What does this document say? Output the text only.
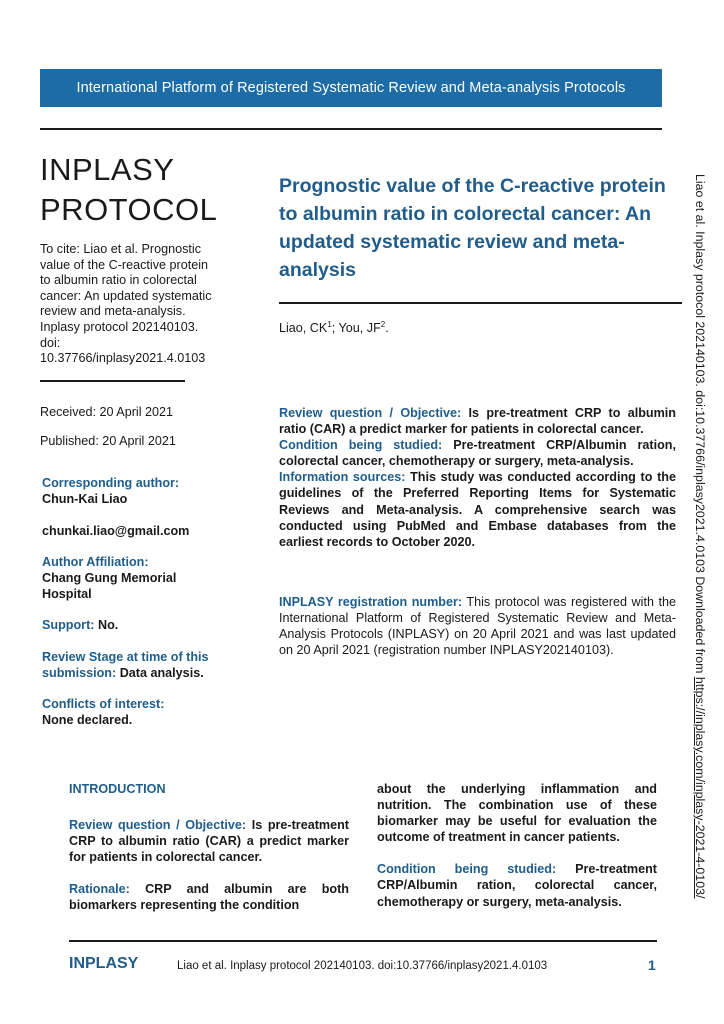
International Platform of Registered Systematic Review and Meta-analysis Protocols
INPLASY
PROTOCOL
To cite: Liao et al. Prognostic
value of the C-reactive protein
to albumin ratio in colorectal
cancer: An updated systematic
review and meta-analysis.
Inplasy protocol 202140103.
doi:
10.37766/inplasy2021.4.0103
Received: 20 April 2021
Published: 20 April 2021
Corresponding author:
Chun-Kai Liao
chunkai.liao@gmail.com
Author Affiliation:
Chang Gung Memorial
Hospital
Support: No.
Review Stage at time of this
submission: Data analysis.
Conflicts of interest:
None declared.
Prognostic value of the C-reactive protein to albumin ratio in colorectal cancer: An updated systematic review and meta-analysis
Liao, $CK^1$; You, $JF^2$.
Review question / Objective: Is pre-treatment CRP to albumin ratio (CAR) a predict marker for patients in colorectal cancer.
Condition being studied: Pre-treatment CRP/Albumin ration, colorectal cancer, chemotherapy or surgery, meta-analysis.
Information sources: This study was conducted according to the guidelines of the Preferred Reporting Items for Systematic Reviews and Meta-analysis. A comprehensive search was conducted using PubMed and Embase databases from the earliest records to October 2020.
INPLASY registration number: This protocol was registered with the International Platform of Registered Systematic Review and Meta-Analysis Protocols (INPLASY) on 20 April 2021 and was last updated on 20 April 2021 (registration number INPLASY202140103).
INTRODUCTION

Review question / Objective: Is pre-treatment CRP to albumin ratio (CAR) a predict marker for patients in colorectal cancer.

Rationale: CRP and albumin are both biomarkers representing the condition

about the underlying inflammation and nutrition. The combination use of these biomarker may be useful for evaluation the outcome of treatment in cancer patients.

Condition being studied: Pre-treatment CRP/Albumin ration, colorectal cancer, chemotherapy or surgery, meta-analysis.

Liao et al. Inplasy protocol 202140103. doi:10.37766/inplasy2021.4.0103 Downloaded from https://inplasy.com/inplasy-2021-4-0103/
INPLASY	Liao et al. Inplasy protocol 202140103. doi:10.37766/inplasy2021.4.0103	1
